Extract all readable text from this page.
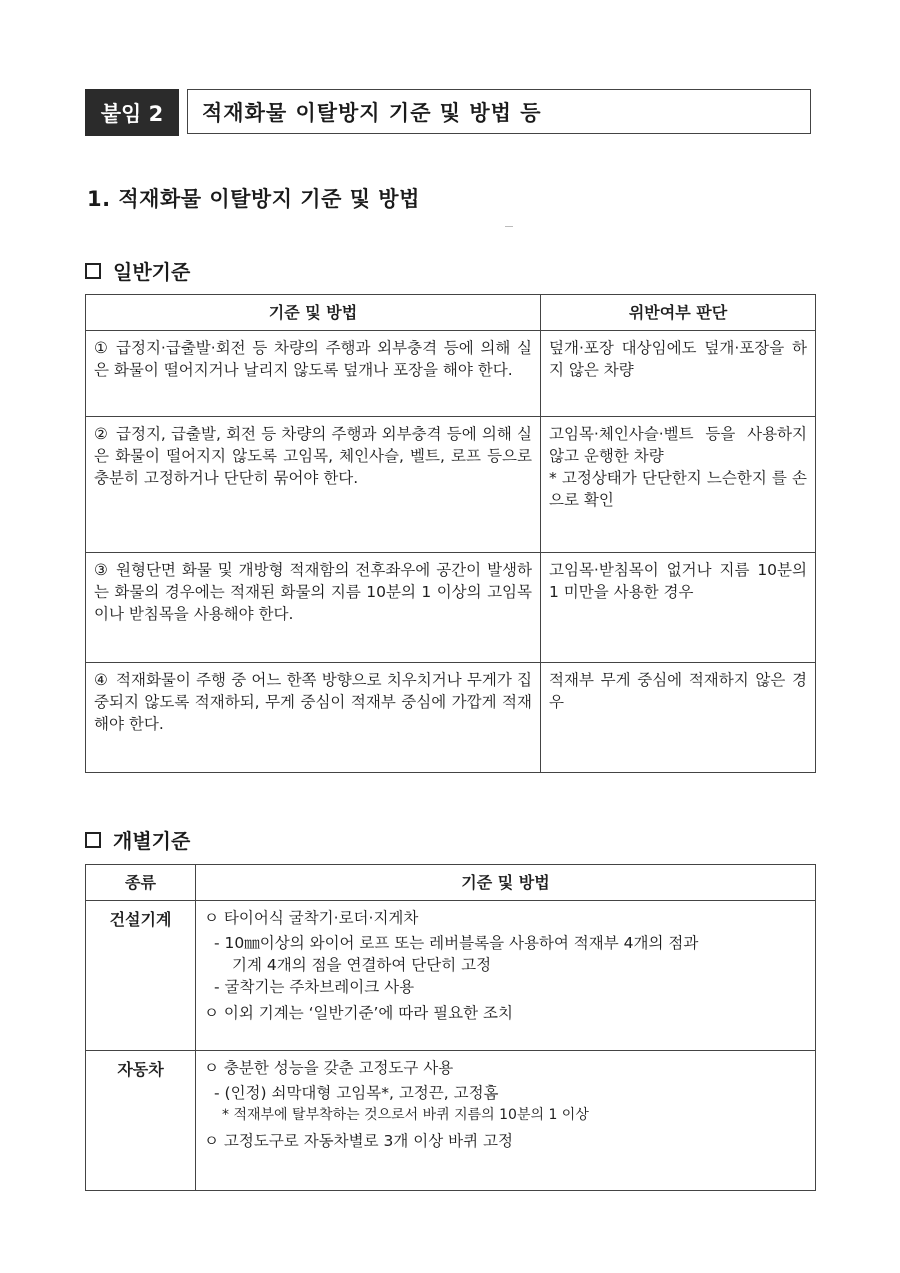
붙임 2	적재화물 이탈방지 기준 및 방법 등
1. 적재화물 이탈방지 기준 및 방법
일반기준
기준 및 방법	위반여부 판단
① 급정지·급출발·회전 등 차량의 주행과 외부충격 등에 의해 실은 화물이 떨어지거나 날리지 않도록 덮개나 포장을 해야 한다.	덮개·포장 대상임에도 덮개·포장을 하지 않은 차량
② 급정지, 급출발, 회전 등 차량의 주행과 외부충격 등에 의해 실은 화물이 떨어지지 않도록 고임목, 체인사슬, 벨트, 로프 등으로 충분히 고정하거나 단단히 묶어야 한다.	고임목·체인사슬·벨트 등을 사용하지 않고 운행한 차량
* 고정상태가 단단한지 느슨한지 를 손으로 확인
③ 원형단면 화물 및 개방형 적재함의 전후좌우에 공간이 발생하는 화물의 경우에는 적재된 화물의 지름 10분의 1 이상의 고임목이나 받침목을 사용해야 한다.	고임목·받침목이 없거나 지름 10분의1 미만을 사용한 경우
④ 적재화물이 주행 중 어느 한쪽 방향으로 치우치거나 무게가 집중되지 않도록 적재하되, 무게 중심이 적재부 중심에 가깝게 적재해야 한다.	적재부 무게 중심에 적재하지 않은 경우
개별기준
종류	기준 및 방법
건설기계	ㅇ 타이어식 굴착기·로더·지게차
- 10㎜이상의 와이어 로프 또는 레버블록을 사용하여 적재부 4개의 점과
기계 4개의 점을 연결하여 단단히 고정
- 굴착기는 주차브레이크 사용
ㅇ 이외 기계는 ‘일반기준’에 따라 필요한 조치

자동차	ㅇ 충분한 성능을 갖춘 고정도구 사용
- (인정) 쇠막대형 고임목*, 고정끈, 고정홈
* 적재부에 탈부착하는 것으로서 바퀴 지름의 10분의 1 이상
ㅇ 고정도구로 자동차별로 3개 이상 바퀴 고정
